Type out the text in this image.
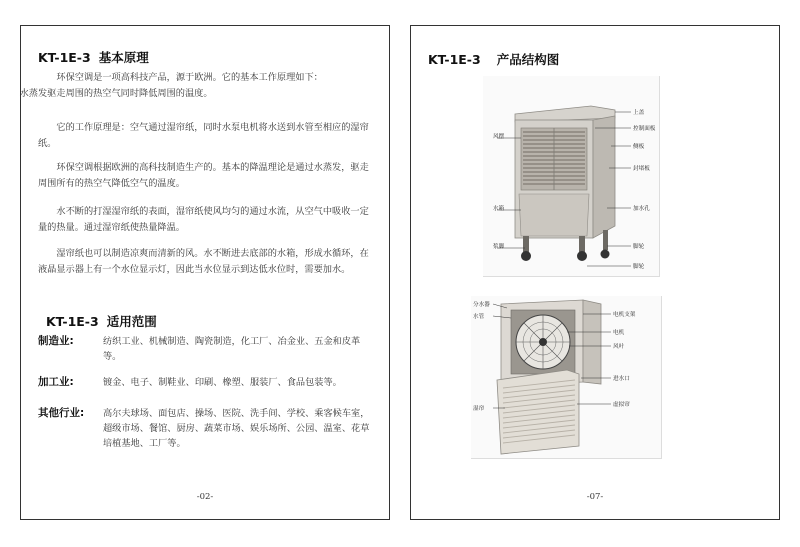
KT-1E-3 基本原理
环保空调是一项高科技产品，源于欧洲。它的基本工作原理如下：
水蒸发驱走周围的热空气同时降低周围的温度。

它的工作原理是：空气通过湿帘纸，同时水泵电机将水送到水管至相应的湿帘纸。

环保空调根据欧洲的高科技制造生产的。基本的降温理论是通过水蒸发，驱走周围所有的热空气降低空气的温度。

水不断的打湿湿帘纸的表面，湿帘纸使风均匀的通过水流，从空气中吸收一定量的热量。通过湿帘纸使热量降温。

湿帘纸也可以制造凉爽而清新的风。水不断进去底部的水箱，形成水循环，在液晶显示器上有一个水位显示灯，因此当水位显示到达低水位时，需要加水。

KT-1E-3 适用范围
制造业:	纺织工业、机械制造、陶瓷制造，化工厂、冶金业、五金和皮革等。
加工业:	镀金、电子、制鞋业、印刷、橡塑、服装厂、食品包装等。
其他行业: 高尔夫球场、面包店、操场、医院、洗手间、学校、乘客候车室，超级市场、餐馆、厨房、蔬菜市场、娱乐场所、公园、温室、花草培植基地、工厂等。
-02-
KT-1E-3 产品结构图
风摆
水箱
浆脚
上盖
控制面板
侧板
封堵板
加水孔
脚轮
脚轮
分水器
水管
湿帘
电机支架
电机
风叶
进水口
虚拟帘
-07-
